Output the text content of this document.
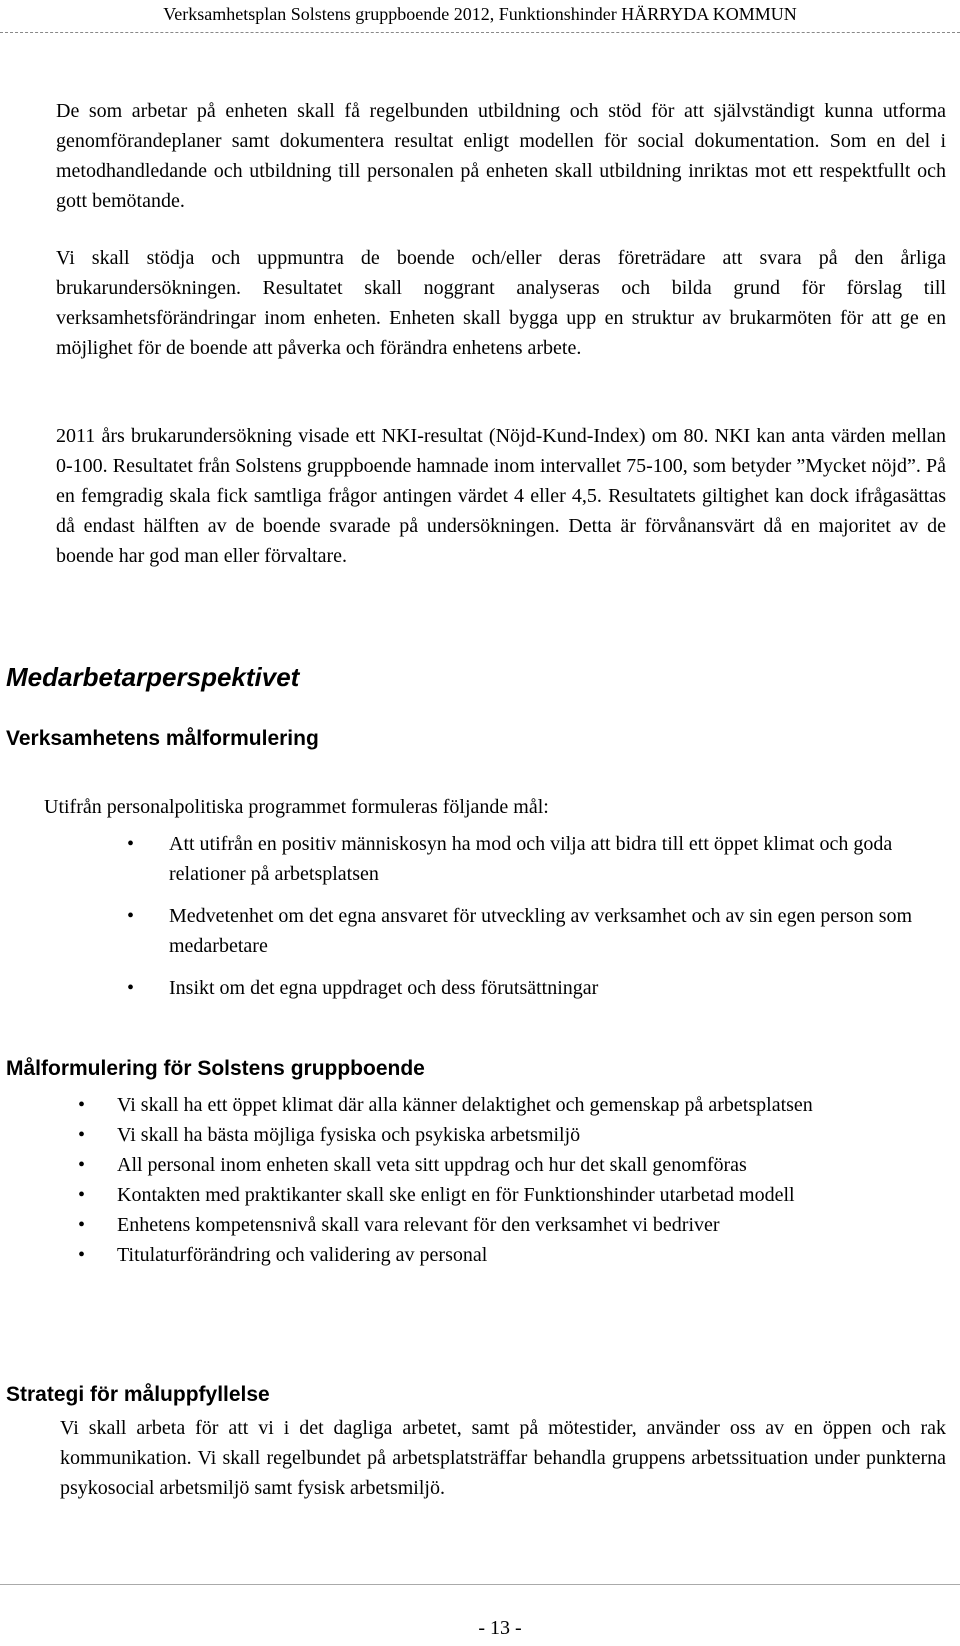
Verksamhetsplan Solstens gruppboende 2012, Funktionshinder HÄRRYDA KOMMUN

De som arbetar på enheten skall få regelbunden utbildning och stöd för att självständigt kunna utforma genomförandeplaner samt dokumentera resultat enligt modellen för social dokumentation. Som en del i metodhandledande och utbildning till personalen på enheten skall utbildning inriktas mot ett respektfullt och gott bemötande.

Vi skall stödja och uppmuntra de boende och/eller deras företrädare att svara på den årliga brukarundersökningen. Resultatet skall noggrant analyseras och bilda grund för förslag till verksamhetsförändringar inom enheten. Enheten skall bygga upp en struktur av brukarmöten för att ge en möjlighet för de boende att påverka och förändra enhetens arbete.

2011 års brukarundersökning visade ett NKI-resultat (Nöjd-Kund-Index) om 80. NKI kan anta värden mellan 0-100. Resultatet från Solstens gruppboende hamnade inom intervallet 75-100, som betyder ”Mycket nöjd”. På en femgradig skala fick samtliga frågor antingen värdet 4 eller 4,5. Resultatets giltighet kan dock ifrågasättas då endast hälften av de boende svarade på undersökningen. Detta är förvånansvärt då en majoritet av de boende har god man eller förvaltare.

Medarbetarperspektivet
Verksamhetens målformulering

Utifrån personalpolitiska programmet formuleras följande mål:

• Att utifrån en positiv människosyn ha mod och vilja att bidra till ett öppet klimat och goda relationer på arbetsplatsen
• Medvetenhet om det egna ansvaret för utveckling av verksamhet och av sin egen person som medarbetare
• Insikt om det egna uppdraget och dess förutsättningar
Målformulering för Solstens gruppboende
• Vi skall ha ett öppet klimat där alla känner delaktighet och gemenskap på arbetsplatsen
• Vi skall ha bästa möjliga fysiska och psykiska arbetsmiljö
• All personal inom enheten skall veta sitt uppdrag och hur det skall genomföras
• Kontakten med praktikanter skall ske enligt en för Funktionshinder utarbetad modell
• Enhetens kompetensnivå skall vara relevant för den verksamhet vi bedriver
• Titulaturförändring och validering av personal
Strategi för måluppfyllelse

Vi skall arbeta för att vi i det dagliga arbetet, samt på mötestider, använder oss av en öppen och rak kommunikation. Vi skall regelbundet på arbetsplatsträffar behandla gruppens arbetssituation under punkterna psykosocial arbetsmiljö samt fysisk arbetsmiljö.

- 13 -
